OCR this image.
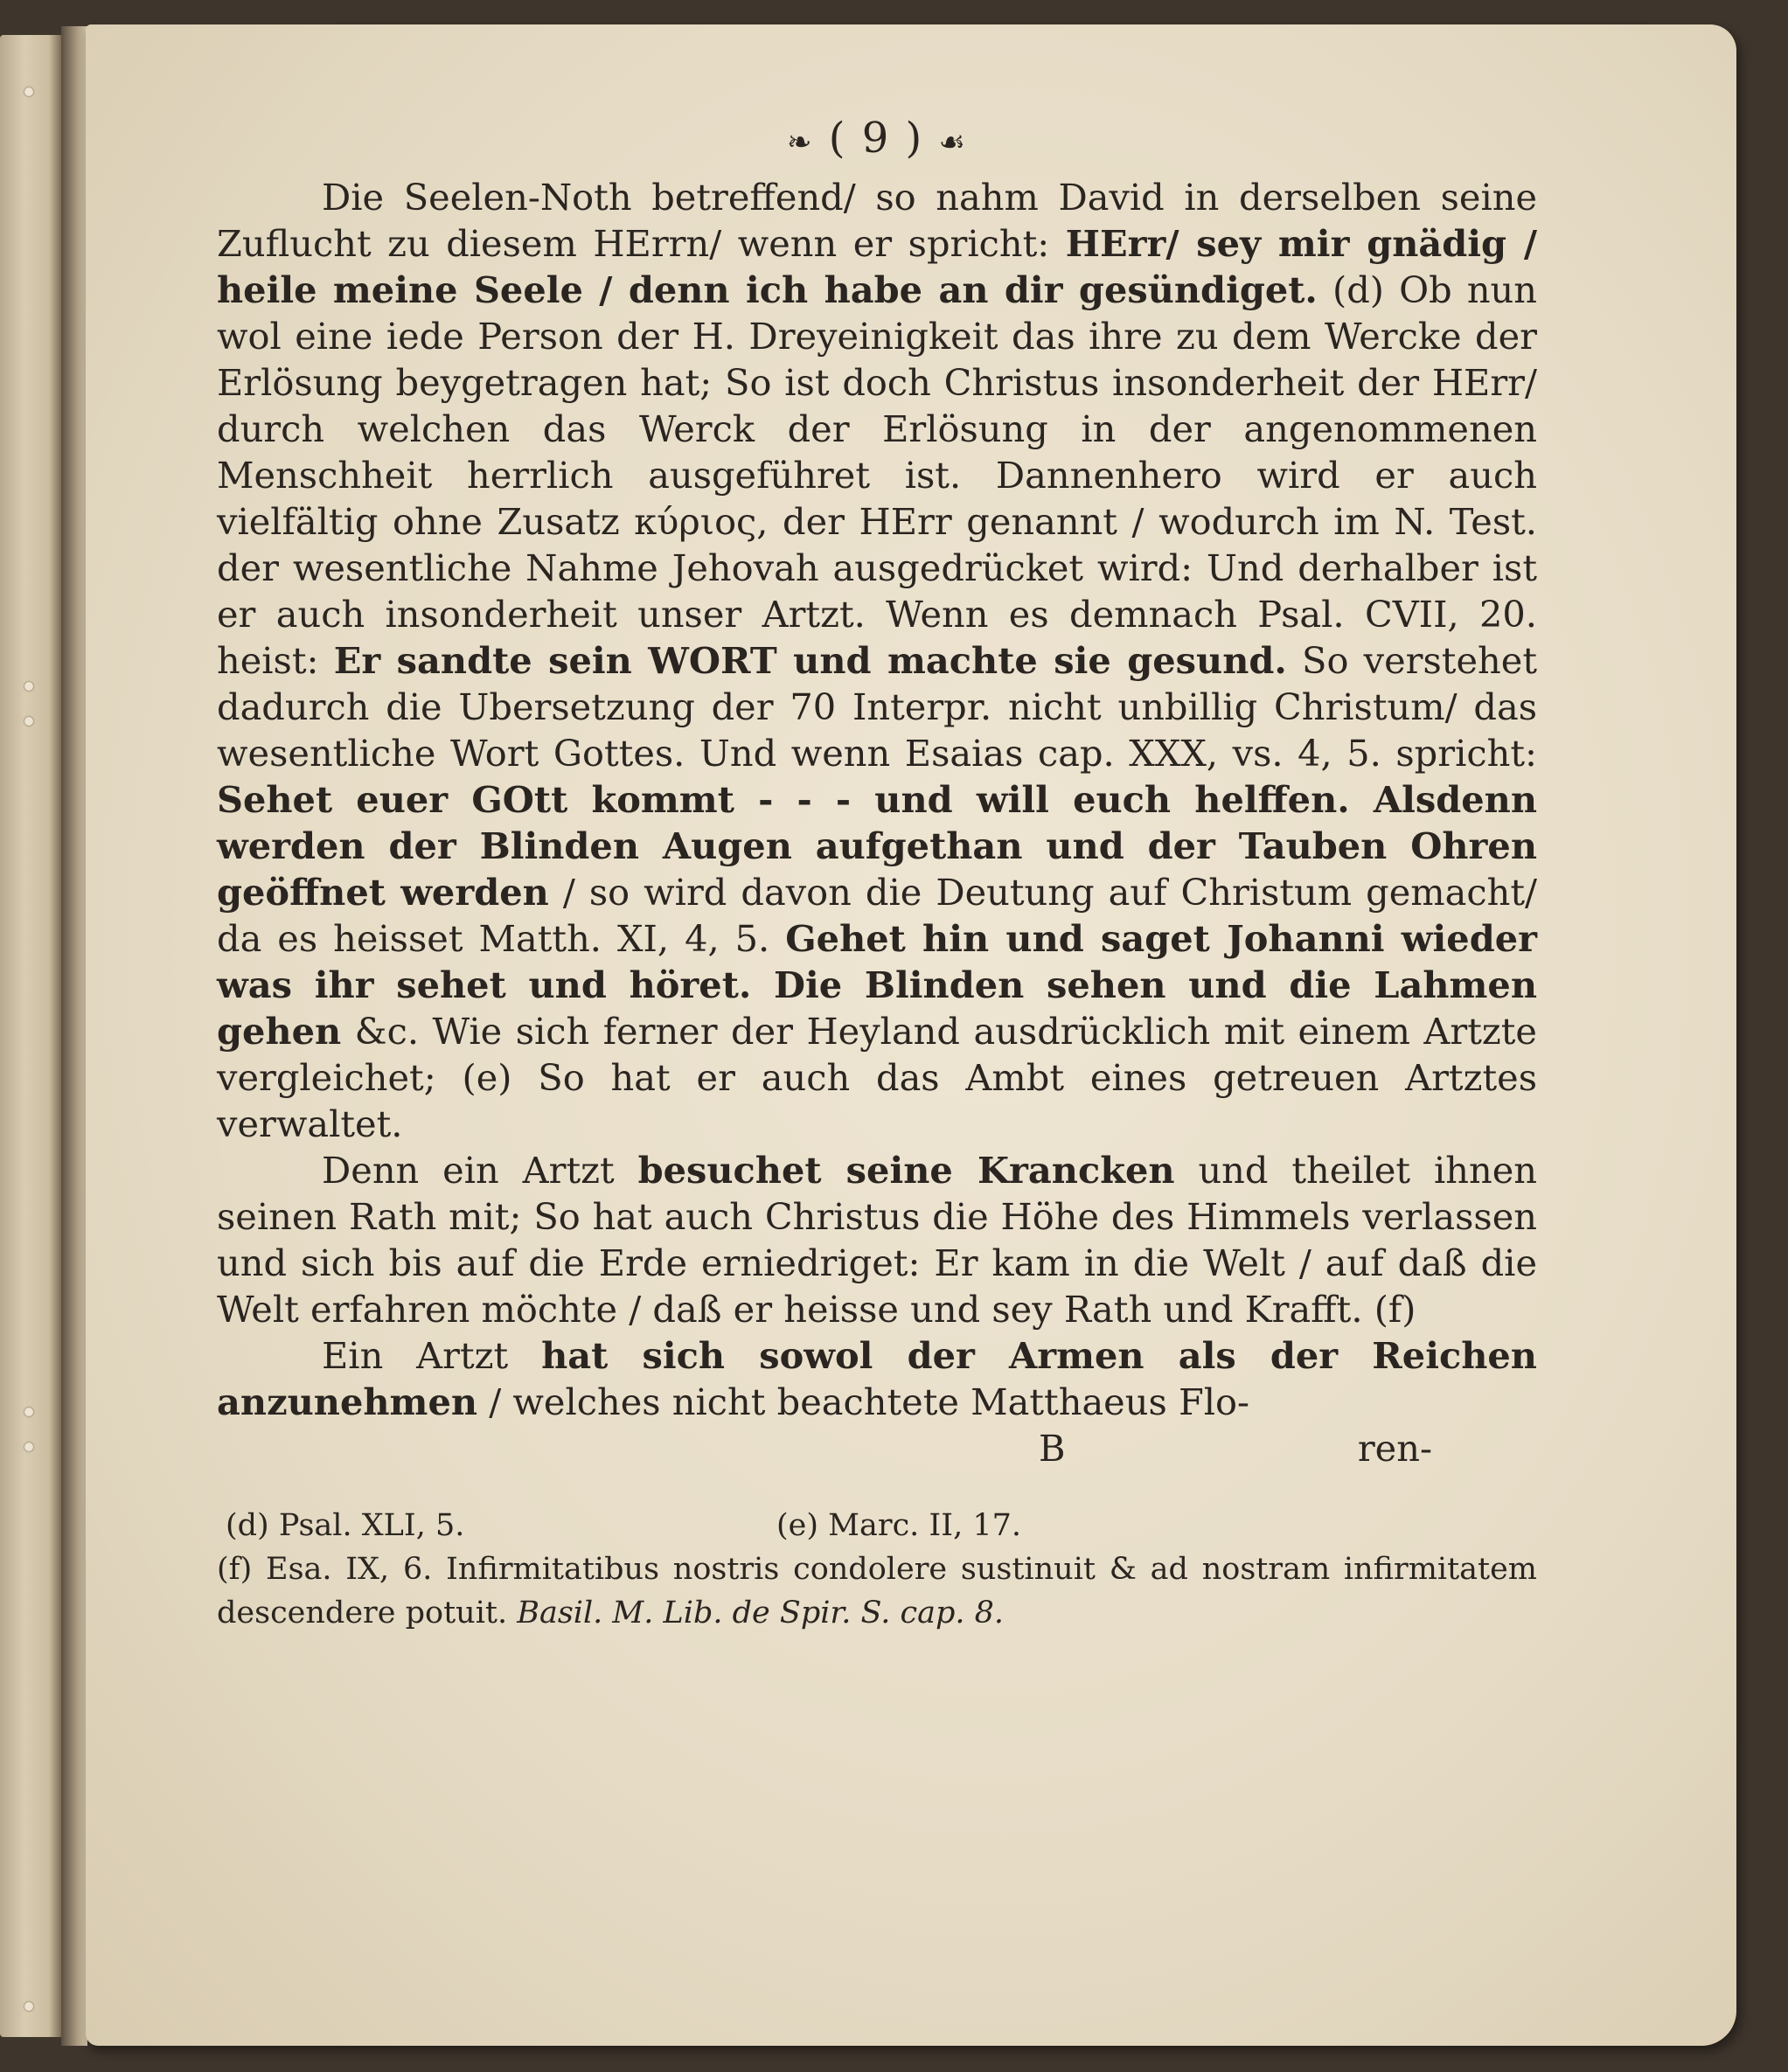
❧ ( 9 ) ☙

Die Seelen-Noth betreffend/ so nahm David in derselben seine Zuflucht zu diesem HErrn/ wenn er spricht: HErr/ sey mir gnädig / heile meine Seele / denn ich habe an dir gesündiget. (d) Ob nun wol eine iede Person der H. Dreyeinigkeit das ihre zu dem Wercke der Erlösung beygetragen hat; So ist doch Christus insonderheit der HErr/ durch welchen das Werck der Erlösung in der angenommenen Menschheit herrlich ausgeführet ist. Dannenhero wird er auch vielfältig ohne Zusatz κύριος, der HErr genannt / wodurch im N. Test. der wesentliche Nahme Jehovah ausgedrücket wird: Und derhalber ist er auch insonderheit unser Artzt. Wenn es demnach Psal. CVII, 20. heist: Er sandte sein WORT und machte sie gesund. So verstehet dadurch die Ubersetzung der 70 Interpr. nicht unbillig Christum/ das wesentliche Wort Gottes. Und wenn Esaias cap. XXX, vs. 4, 5. spricht: Sehet euer GOtt kommt - - - und will euch helffen. Alsdenn werden der Blinden Augen aufgethan und der Tauben Ohren geöffnet werden / so wird davon die Deutung auf Christum gemacht/ da es heisset Matth. XI, 4, 5. Gehet hin und saget Johanni wieder was ihr sehet und höret. Die Blinden sehen und die Lahmen gehen &c. Wie sich ferner der Heyland ausdrücklich mit einem Artzte vergleichet; (e) So hat er auch das Ambt eines getreuen Artztes verwaltet.

Denn ein Artzt besuchet seine Krancken und theilet ihnen seinen Rath mit; So hat auch Christus die Höhe des Himmels verlassen und sich bis auf die Erde erniedriget: Er kam in die Welt / auf daß die Welt erfahren möchte / daß er heisse und sey Rath und Krafft. (f)

Ein Artzt hat sich sowol der Armen als der Reichen anzunehmen / welches nicht beachtete Matthaeus Flo-

B	ren-
(d) Psal. XLI, 5.	(e) Marc. II, 17.

(f) Esa. IX, 6. Infirmitatibus nostris condolere sustinuit & ad nostram infirmitatem descendere potuit. Basil. M. Lib. de Spir. S. cap. 8.
